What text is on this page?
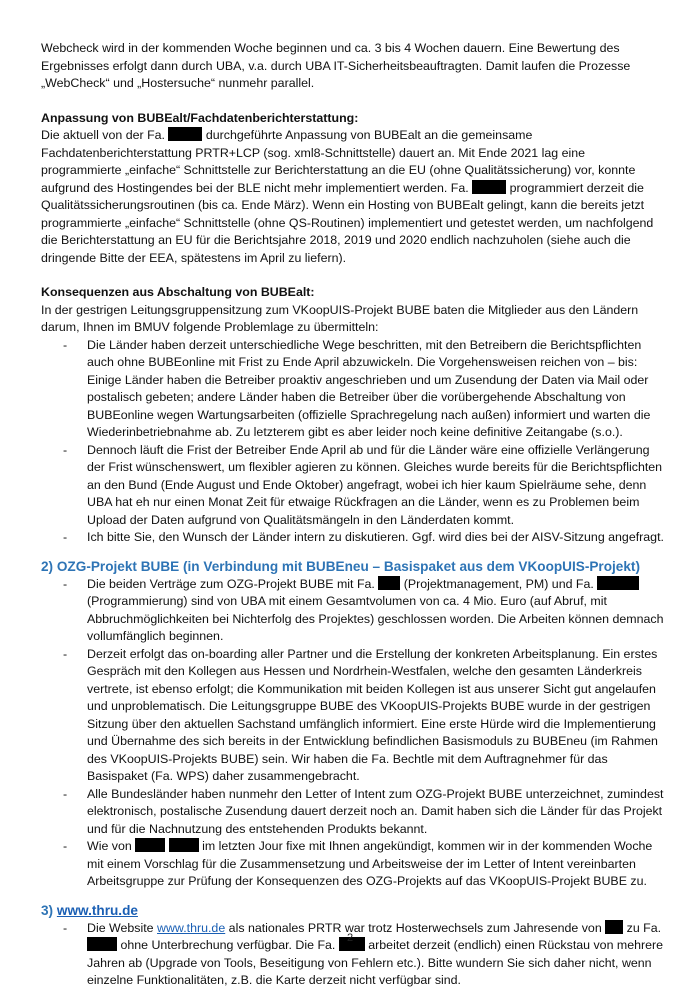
Webcheck wird in der kommenden Woche beginnen und ca. 3 bis 4 Wochen dauern. Eine Bewertung des Ergebnisses erfolgt dann durch UBA, v.a. durch UBA IT-Sicherheitsbeauftragten. Damit laufen die Prozesse „WebCheck“ und „Hostersuche“ nunmehr parallel.

Anpassung von BUBEalt/Fachdatenberichterstattung:

Die aktuell von der Fa.	durchgeführte Anpassung von BUBEalt an die gemeinsame Fachdatenberichterstattung PRTR+LCP (sog. xml8-Schnittstelle) dauert an. Mit Ende 2021 lag eine programmierte „einfache“ Schnittstelle zur Berichterstattung an die EU (ohne Qualitätssicherung) vor, konnte aufgrund des Hostingendes bei der BLE nicht mehr implementiert werden. Fa.	programmiert derzeit die Qualitätssicherungsroutinen (bis ca. Ende März). Wenn ein Hosting von BUBEalt gelingt, kann die bereits jetzt programmierte „einfache“ Schnittstelle (ohne QS-Routinen) implementiert und getestet werden, um nachfolgend die Berichterstattung an EU für die Berichtsjahre 2018, 2019 und 2020 endlich nachzuholen (siehe auch die dringende Bitte der EEA, spätestens im April zu liefern).

Konsequenzen aus Abschaltung von BUBEalt:

In der gestrigen Leitungsgruppensitzung zum VKoopUIS-Projekt BUBE baten die Mitglieder aus den Ländern darum, Ihnen im BMUV folgende Problemlage zu übermitteln:

- Die Länder haben derzeit unterschiedliche Wege beschritten, mit den Betreibern die Berichtspflichten auch ohne BUBEonline mit Frist zu Ende April abzuwickeln. Die Vorgehensweisen reichen von – bis: Einige Länder haben die Betreiber proaktiv angeschrieben und um Zusendung der Daten via Mail oder postalisch gebeten; andere Länder haben die Betreiber über die vorübergehende Abschaltung von BUBEonline wegen Wartungsarbeiten (offizielle Sprachregelung nach außen) informiert und warten die Wiederinbetriebnahme ab. Zu letzterem gibt es aber leider noch keine definitive Zeitangabe (s.o.).
- Dennoch läuft die Frist der Betreiber Ende April ab und für die Länder wäre eine offizielle Verlängerung der Frist wünschenswert, um flexibler agieren zu können. Gleiches wurde bereits für die Berichtspflichten an den Bund (Ende August und Ende Oktober) angefragt, wobei ich hier kaum Spielräume sehe, denn UBA hat eh nur einen Monat Zeit für etwaige Rückfragen an die Länder, wenn es zu Problemen beim Upload der Daten aufgrund von Qualitätsmängeln in den Länderdaten kommt.
- Ich bitte Sie, den Wunsch der Länder intern zu diskutieren. Ggf. wird dies bei der AISV-Sitzung angefragt.

2) OZG-Projekt BUBE (in Verbindung mit BUBEneu – Basispaket aus dem VKoopUIS-Projekt)

- Die beiden Verträge zum OZG-Projekt BUBE mit Fa. (Projektmanagement, PM) und Fa.  (Programmierung) sind von UBA mit einem Gesamtvolumen von ca. 4 Mio. Euro (auf Abruf, mit Abbruchmöglichkeiten bei Nichterfolg des Projektes) geschlossen worden. Die Arbeiten können demnach vollumfänglich beginnen.
- Derzeit erfolgt das on-boarding aller Partner und die Erstellung der konkreten Arbeitsplanung. Ein erstes Gespräch mit den Kollegen aus Hessen und Nordrhein-Westfalen, welche den gesamten Länderkreis vertrete, ist ebenso erfolgt; die Kommunikation mit beiden Kollegen ist aus unserer Sicht gut angelaufen und unproblematisch. Die Leitungsgruppe BUBE des VKoopUIS-Projekts BUBE wurde in der gestrigen Sitzung über den aktuellen Sachstand umfänglich informiert. Eine erste Hürde wird die Implementierung und Übernahme des sich bereits in der Entwicklung befindlichen Basismoduls zu BUBEneu (im Rahmen des VKoopUIS-Projekts BUBE) sein. Wir haben die Fa. Bechtle mit dem Auftragnehmer für das Basispaket (Fa. WPS) daher zusammengebracht.
- Alle Bundesländer haben nunmehr den Letter of Intent zum OZG-Projekt BUBE unterzeichnet, zumindest elektronisch, postalische Zusendung dauert derzeit noch an. Damit haben sich die Länder für das Projekt und für die Nachnutzung des entstehenden Produkts bekannt.
- Wie von	im letzten Jour fixe mit Ihnen angekündigt, kommen wir in der kommenden Woche mit einem Vorschlag für die Zusammensetzung und Arbeitsweise der im Letter of Intent vereinbarten Arbeitsgruppe zur Prüfung der Konsequenzen des OZG-Projekts auf das VKoopUIS-Projekt BUBE zu.

3) www.thru.de

- Die Website www.thru.de als nationales PRTR war trotz Hosterwechsels zum Jahresende von zu Fa.  ohne Unterbrechung verfügbar. Die Fa.	arbeitet derzeit (endlich) einen Rückstau von mehrere Jahren ab (Upgrade von Tools, Beseitigung von Fehlern etc.). Bitte wundern Sie sich daher nicht, wenn einzelne Funktionalitäten, z.B. die Karte derzeit nicht verfügbar sind.
2
